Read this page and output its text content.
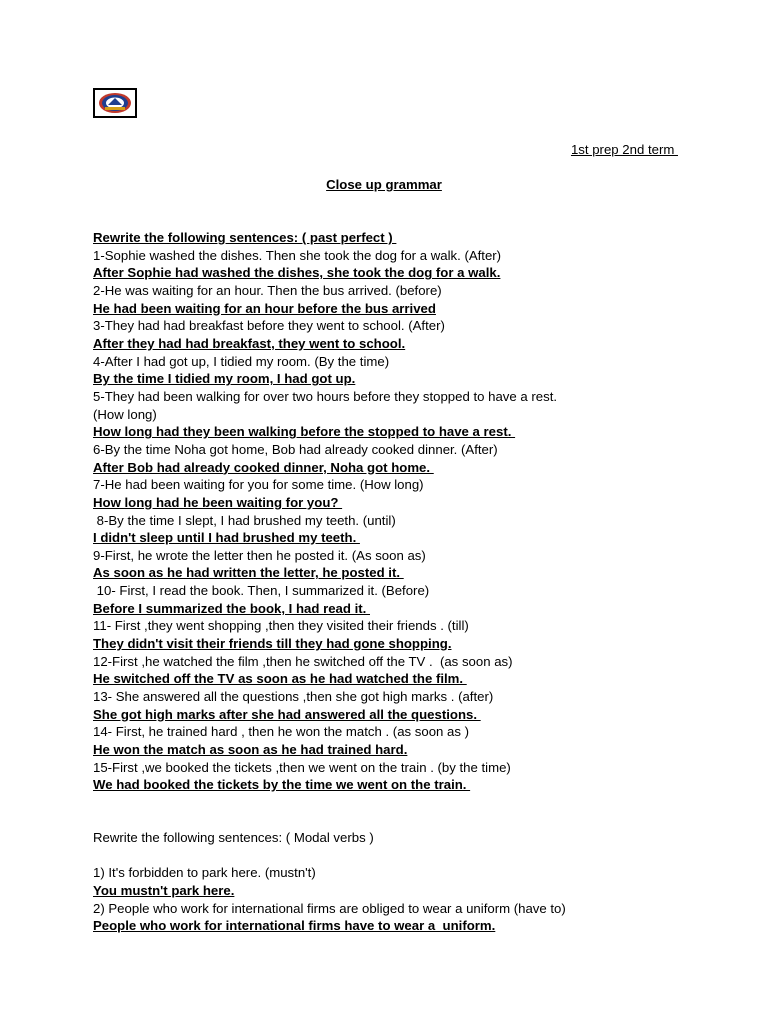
1st prep 2nd term
Close up grammar
Rewrite the following sentences: ( past perfect )
1-Sophie washed the dishes. Then she took the dog for a walk. (After)
After Sophie had washed the dishes, she took the dog for a walk.
2-He was waiting for an hour. Then the bus arrived. (before)
He had been waiting for an hour before the bus arrived
3-They had had breakfast before they went to school. (After)
After they had had breakfast, they went to school.
4-After I had got up, I tidied my room. (By the time)
By the time I tidied my room, I had got up.
5-They had been walking for over two hours before they stopped to have a rest. (How long)
How long had they been walking before the stopped to have a rest.
6-By the time Noha got home, Bob had already cooked dinner. (After)
After Bob had already cooked dinner, Noha got home.
7-He had been waiting for you for some time. (How long)
How long had he been waiting for you?
8-By the time I slept, I had brushed my teeth. (until)
I didn't sleep until I had brushed my teeth.
9-First, he wrote the letter then he posted it. (As soon as)
As soon as he had written the letter, he posted it.
10- First, I read the book. Then, I summarized it. (Before)
Before I summarized the book, I had read it.
11- First ,they went shopping ,then they visited their friends . (till)
They didn't visit their friends till they had gone shopping.
12-First ,he watched the film ,then he switched off the TV .  (as soon as)
He switched off the TV as soon as he had watched the film.
13- She answered all the questions ,then she got high marks . (after)
She got high marks after she had answered all the questions.
14- First, he trained hard , then he won the match . (as soon as )
He won the match as soon as he had trained hard.
15-First ,we booked the tickets ,then we went on the train . (by the time)
We had booked the tickets by the time we went on the train.
Rewrite the following sentences: ( Modal verbs )
1) It's forbidden to park here. (mustn't)
You mustn't park here.
2) People who work for international firms are obliged to wear a uniform (have to)
People who work for international firms have to wear a  uniform.
